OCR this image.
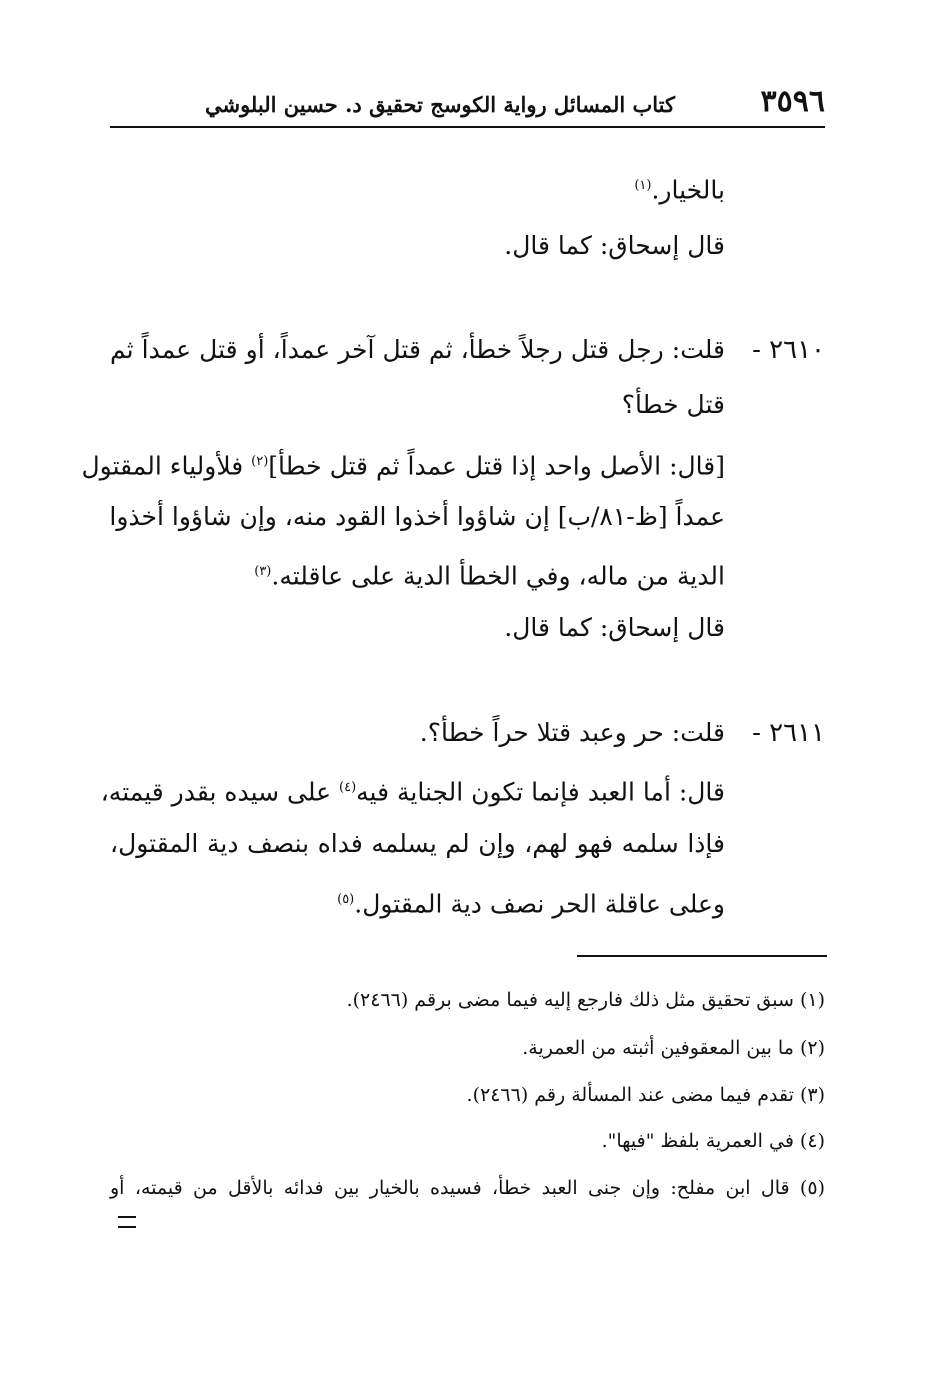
٣٥٩٦
كتاب المسائل رواية الكوسج تحقيق د. حسين البلوشي
بالخيار.$^{(١)}$
قال إسحاق: كما قال.
٢٦١٠ -
قلت: رجل قتل رجلاً خطأ، ثم قتل آخر عمداً، أو قتل عمداً ثم
قتل خطأ؟
[قال: الأصل واحد إذا قتل عمداً ثم قتل خطأ]$^{(٢)}$ فلأولياء المقتول
عمداً [ظ-٨١/ب] إن شاؤوا أخذوا القود منه، وإن شاؤوا أخذوا
الدية من ماله، وفي الخطأ الدية على عاقلته.$^{(٣)}$
قال إسحاق: كما قال.
٢٦١١ -
قلت: حر وعبد قتلا حراً خطأ؟.
قال: أما العبد فإنما تكون الجناية فيه$^{(٤)}$ على سيده بقدر قيمته،
فإذا سلمه فهو لهم، وإن لم يسلمه فداه بنصف دية المقتول،
وعلى عاقلة الحر نصف دية المقتول.$^{(٥)}$
(١) سبق تحقيق مثل ذلك فارجع إليه فيما مضى برقم (٢٤٦٦).
(٢) ما بين المعقوفين أثبته من العمرية.
(٣) تقدم فيما مضى عند المسألة رقم (٢٤٦٦).
(٤) في العمرية بلفظ "فيها".
(٥) قال ابن مفلح: وإن جنى العبد خطأ، فسيده بالخيار بين فدائه بالأقل من قيمته، أو
